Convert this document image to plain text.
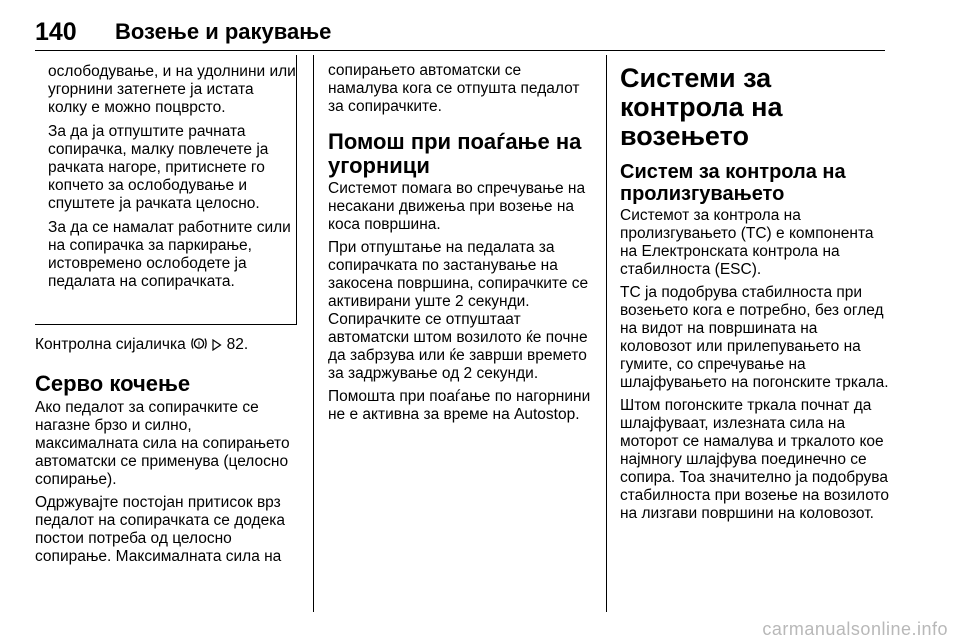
140 Возење и ракување

ослободување, и на удолнини или угорнини затегнете ја истата колку е можно поцврсто.

За да ја отпуштите рачната сопирачка, малку повлечете ја рачката нагоре, притиснете го копчето за ослободување и спуштете ја рачката целосно.

За да се намалат работните сили на сопирачка за паркирање, истовремено ослободете ја педалата на сопирачката.

Контролна сијаличка ! 82.

Серво кочење

Ако педалот за сопирачките се нагазне брзо и силно, максималната сила на сопирањето автоматски се применува (целосно сопирање).

Одржувајте постојан притисок врз педалот на сопирачката се додека постои потреба од целосно сопирање. Максималната сила на

сопирањето автоматски се намалува кога се отпушта педалот за сопирачките.

Помош при поаѓање на угорници

Системот помага во спречување на несакани движења при возење на коса површина.

При отпуштање на педалата за сопирачката по застанување на закосена површина, сопирачките се активирани уште 2 секунди. Сопирачките се отпуштаат автоматски штом возилото ќе почне да забрзува или ќе заврши времето за задржување од 2 секунди.

Помошта при поаѓање по нагорнини не е активна за време на Autostop.

Системи за контрола на возењето
Систем за контрола на пролизгувањето

Системот за контрола на пролизгувањето (TC) е компонента на Електронската контрола на стабилноста (ESC).

TC ја подобрува стабилноста при возењето кога е потребно, без оглед на видот на површината на коловозот или прилепувањето на гумите, со спречување на шлајфувањето на погонските тркала.

Штом погонските тркала почнат да шлајфуваат, излезната сила на моторот се намалува и тркалото кое најмногу шлајфува поединечно се сопира. Тоа значително ја подобрува стабилноста при возење на возилото на лизгави површини на коловозот.

carmanualsonline.info
